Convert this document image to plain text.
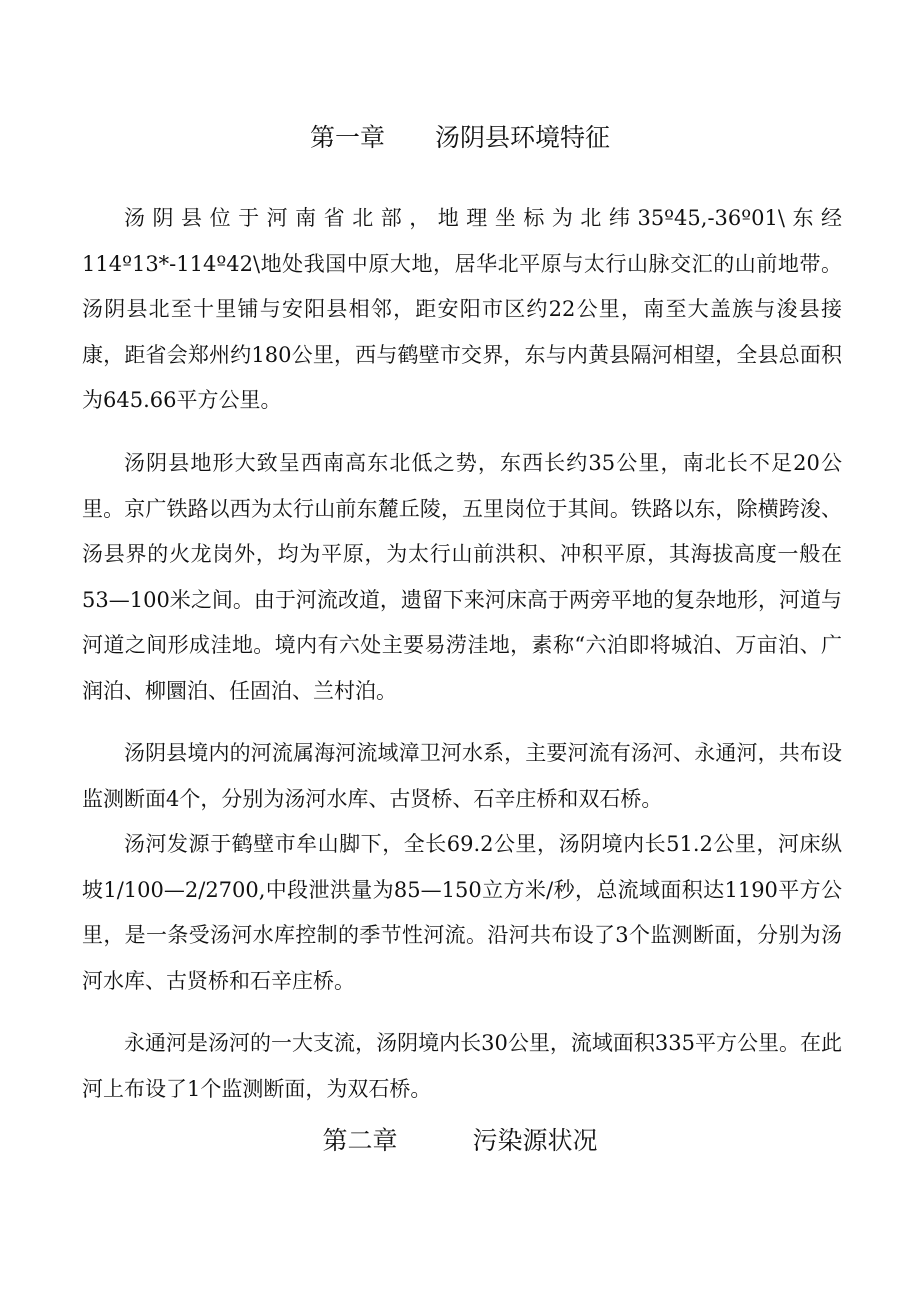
第一章　　汤阴县环境特征

汤阴县位于河南省北部，地理坐标为北纬35º45,-36º01\东经114º13*-114º42\地处我国中原大地，居华北平原与太行山脉交汇的山前地带。汤阴县北至十里铺与安阳县相邻，距安阳市区约22公里，南至大盖族与浚县接康，距省会郑州约180公里，西与鹤壁市交界，东与内黄县隔河相望，全县总面积为645.66平方公里。

汤阴县地形大致呈西南高东北低之势，东西长约35公里，南北长不足20公里。京广铁路以西为太行山前东麓丘陵，五里岗位于其间。铁路以东，除横跨浚、汤县界的火龙岗外，均为平原，为太行山前洪积、冲积平原，其海拔高度一般在53—100米之间。由于河流改道，遗留下来河床高于两旁平地的复杂地形，河道与河道之间形成洼地。境内有六处主要易涝洼地，素称“六泊即将城泊、万亩泊、广润泊、柳圜泊、任固泊、兰村泊。

汤阴县境内的河流属海河流域漳卫河水系，主要河流有汤河、永通河，共布设监测断面4个，分别为汤河水库、古贤桥、石辛庄桥和双石桥。

汤河发源于鹤壁市牟山脚下，全长69.2公里，汤阴境内长51.2公里，河床纵坡1/100—2/2700,中段泄洪量为85—150立方米/秒，总流域面积达1190平方公里，是一条受汤河水库控制的季节性河流。沿河共布设了3个监测断面，分别为汤河水库、古贤桥和石辛庄桥。

永通河是汤河的一大支流，汤阴境内长30公里，流域面积335平方公里。在此河上布设了1个监测断面，为双石桥。

第二章　　　污染源状况
